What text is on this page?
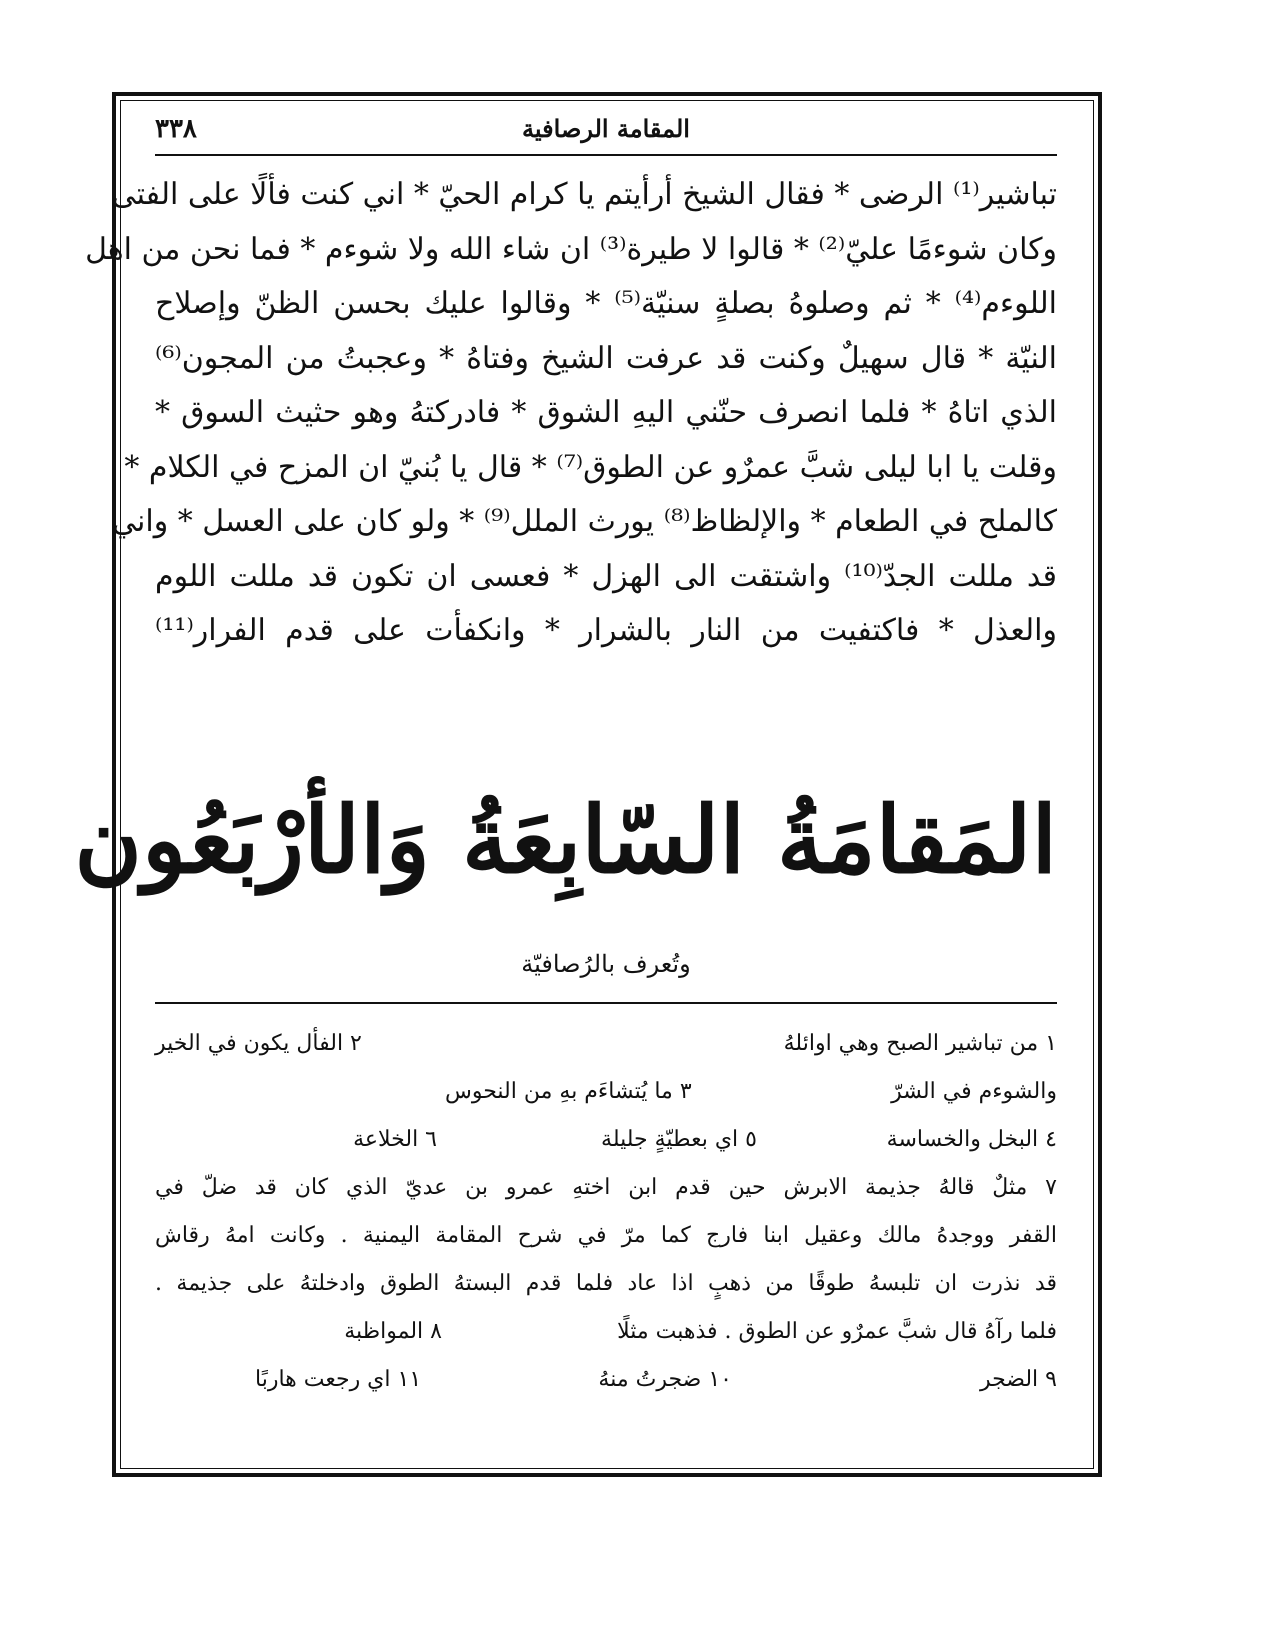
المقامة الرصافية
٣٣٨
تباشير⁽¹⁾ الرضى * فقال الشيخ أرأيتم يا كرام الحيّ * اني كنت فألًا على الفتى
وكان شوءمًا عليّ⁽²⁾ * قالوا لا طيرة⁽³⁾ ان شاء الله ولا شوءم * فما نحن من اهل
اللوءم⁽⁴⁾ * ثم وصلوهُ بصلةٍ سنيّة⁽⁵⁾ * وقالوا عليك بحسن الظنّ وإصلاح
النيّة * قال سهيلٌ وكنت قد عرفت الشيخ وفتاهُ * وعجبتُ من المجون⁽⁶⁾
الذي اتاهُ * فلما انصرف حنّني اليهِ الشوق * فادركتهُ وهو حثيث السوق *
وقلت يا ابا ليلى شبَّ عمرٌو عن الطوق⁽⁷⁾ * قال يا بُنيّ ان المزح في الكلام *
كالملح في الطعام * والإلظاظ⁽⁸⁾ يورث الملل⁽⁹⁾ * ولو كان على العسل * واني
قد مللت الجدّ⁽¹⁰⁾ واشتقت الى الهزل * فعسى ان تكون قد مللت اللوم
والعذل * فاكتفيت من النار بالشرار * وانكفأت على قدم الفرار⁽¹¹⁾
المَقامَةُ السّابِعَةُ وَالأرْبَعُون
وتُعرف بالرُصافيّة
١ من تباشير الصبح وهي اوائلهُ
٢ الفأل يكون في الخير
والشوءم في الشرّ
٣ ما يُتشاءَم بهِ من النحوس
٤ البخل والخساسة
٥ اي بعطيّةٍ جليلة
٦ الخلاعة
٧ مثلٌ قالهُ جذيمة الابرش حين قدم ابن اختهِ عمرو بن عديّ الذي كان قد ضلّ في
القفر ووجدهُ مالك وعقيل ابنا فارج كما مرّ في شرح المقامة اليمنية . وكانت امهُ رقاش
قد نذرت ان تلبسهُ طوقًا من ذهبٍ اذا عاد فلما قدم البستهُ الطوق وادخلتهُ على جذيمة .
فلما رآهُ قال شبَّ عمرٌو عن الطوق . فذهبت مثلًا
٨ المواظبة
٩ الضجر
١٠ ضجرتُ منهُ
١١ اي رجعت هاربًا
